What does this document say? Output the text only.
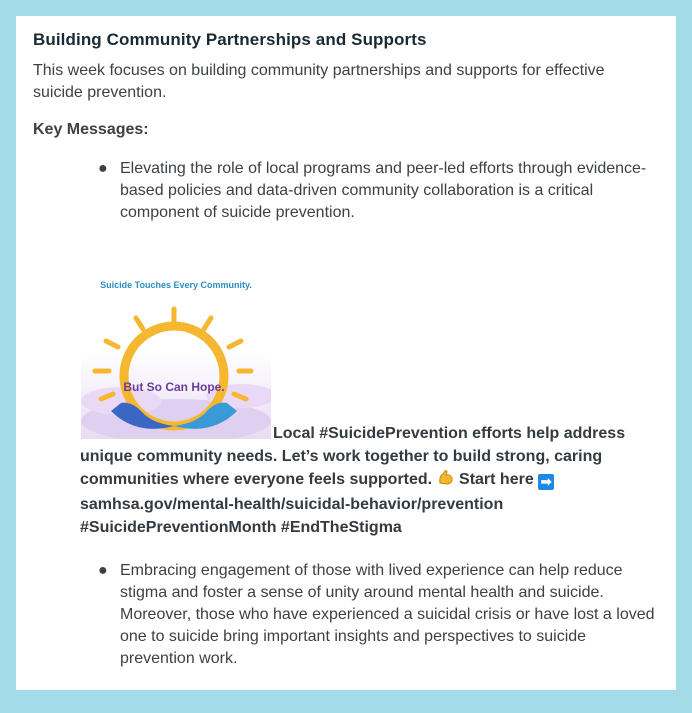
Building Community Partnerships and Supports
This week focuses on building community partnerships and supports for effective suicide prevention.
Key Messages:
● Elevating the role of local programs and peer-led efforts through evidence-based policies and data-driven community collaboration is a critical component of suicide prevention.
Suicide Touches Every Community.
But So Can Hope.
Local #SuicidePrevention efforts help address
unique community needs. Let’s work together to build strong, caring
communities where everyone feels supported. Start here ➡
samhsa.gov/mental-health/suicidal-behavior/prevention
#SuicidePreventionMonth #EndTheStigma
● Embracing engagement of those with lived experience can help reduce stigma and foster a sense of unity around mental health and suicide. Moreover, those who have experienced a suicidal crisis or have lost a loved one to suicide bring important insights and perspectives to suicide prevention work.
